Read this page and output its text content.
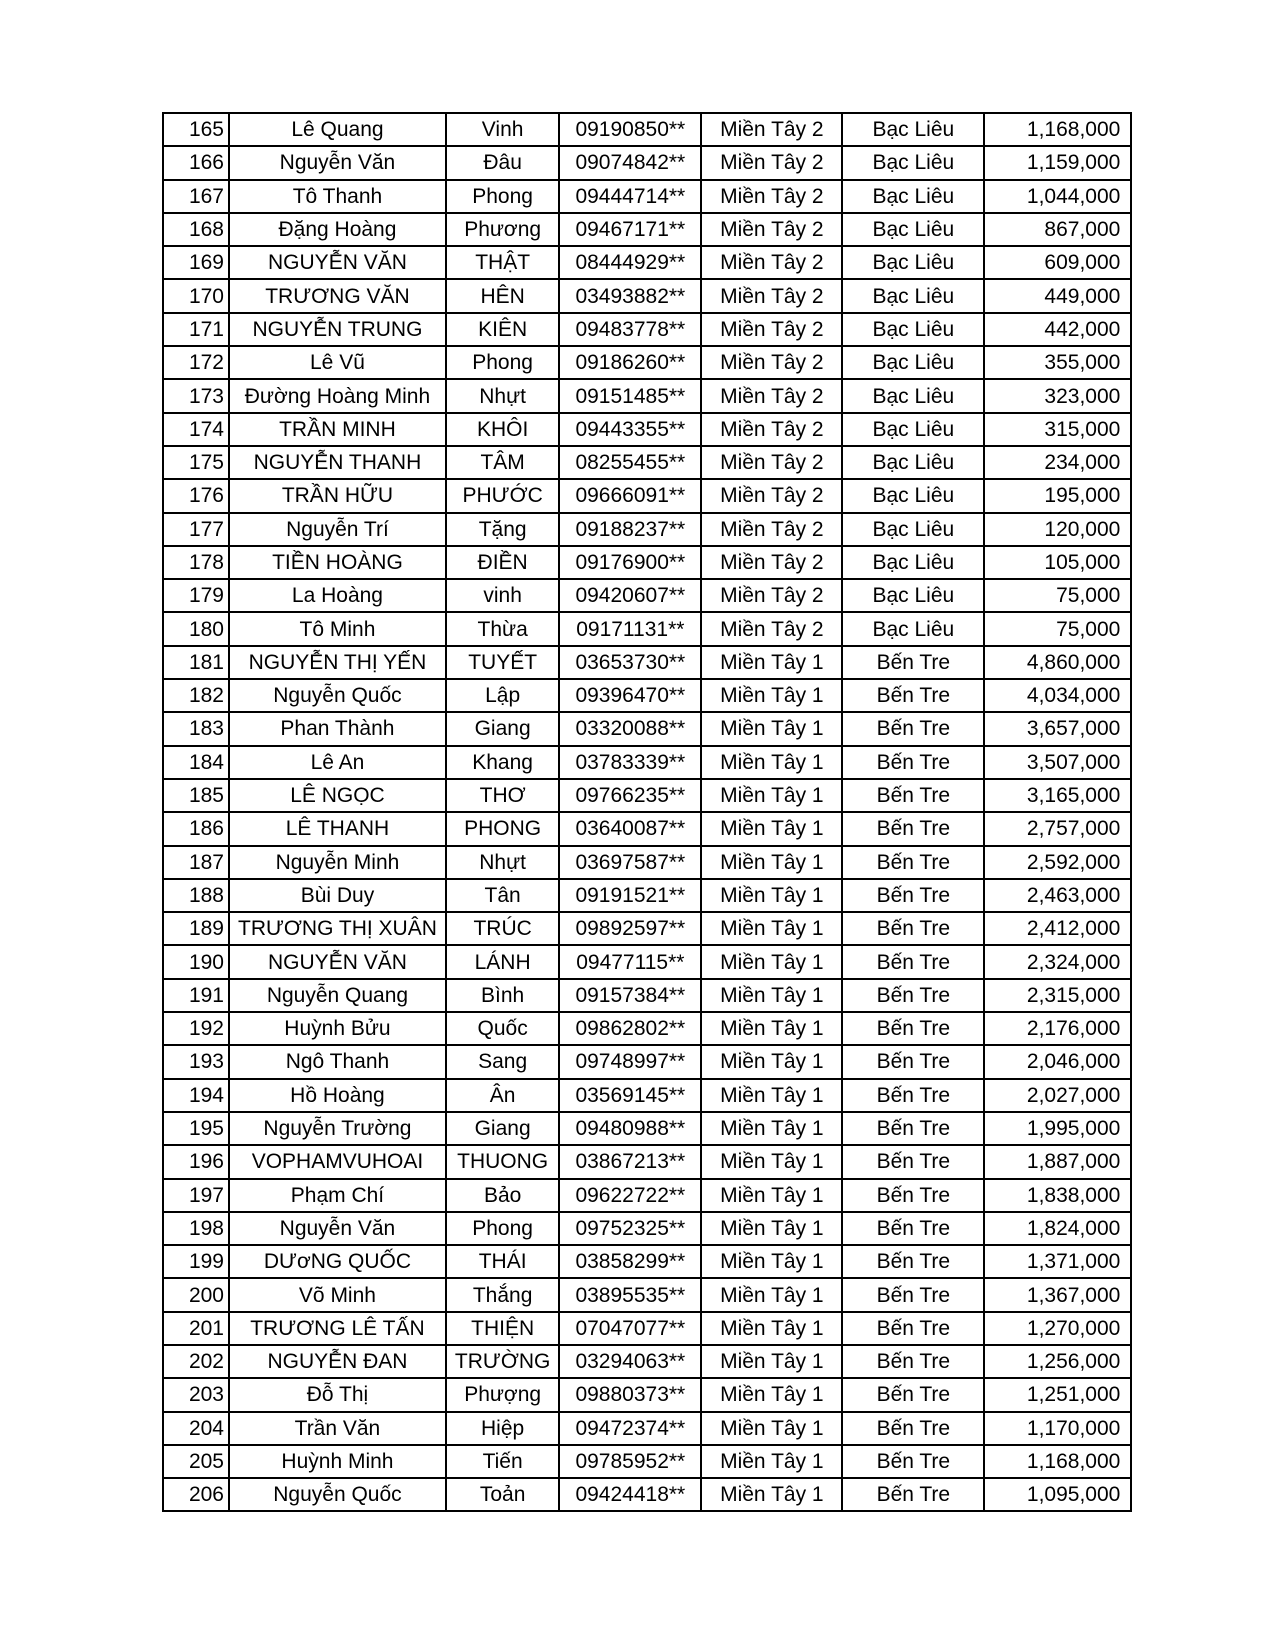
165	Lê Quang	Vinh	09190850**	Miền Tây 2	Bạc Liêu	1,168,000
166	Nguyễn Văn	Đâu	09074842**	Miền Tây 2	Bạc Liêu	1,159,000
167	Tô Thanh	Phong	09444714**	Miền Tây 2	Bạc Liêu	1,044,000
168	Đặng Hoàng	Phương	09467171**	Miền Tây 2	Bạc Liêu	867,000
169	NGUYỄN VĂN	THẬT	08444929**	Miền Tây 2	Bạc Liêu	609,000
170	TRƯƠNG VĂN	HÊN	03493882**	Miền Tây 2	Bạc Liêu	449,000
171	NGUYỄN TRUNG	KIÊN	09483778**	Miền Tây 2	Bạc Liêu	442,000
172	Lê Vũ	Phong	09186260**	Miền Tây 2	Bạc Liêu	355,000
173	Đường Hoàng Minh	Nhựt	09151485**	Miền Tây 2	Bạc Liêu	323,000
174	TRẦN MINH	KHÔI	09443355**	Miền Tây 2	Bạc Liêu	315,000
175	NGUYỄN THANH	TÂM	08255455**	Miền Tây 2	Bạc Liêu	234,000
176	TRẦN HỮU	PHƯỚC	09666091**	Miền Tây 2	Bạc Liêu	195,000
177	Nguyễn Trí	Tặng	09188237**	Miền Tây 2	Bạc Liêu	120,000
178	TIỀN HOÀNG	ĐIỀN	09176900**	Miền Tây 2	Bạc Liêu	105,000
179	La Hoàng	vinh	09420607**	Miền Tây 2	Bạc Liêu	75,000
180	Tô Minh	Thừa	09171131**	Miền Tây 2	Bạc Liêu	75,000
181	NGUYỄN THỊ YẾN	TUYẾT	03653730**	Miền Tây 1	Bến Tre	4,860,000
182	Nguyễn Quốc	Lập	09396470**	Miền Tây 1	Bến Tre	4,034,000
183	Phan Thành	Giang	03320088**	Miền Tây 1	Bến Tre	3,657,000
184	Lê An	Khang	03783339**	Miền Tây 1	Bến Tre	3,507,000
185	LÊ NGỌC	THƠ	09766235**	Miền Tây 1	Bến Tre	3,165,000
186	LÊ THANH	PHONG	03640087**	Miền Tây 1	Bến Tre	2,757,000
187	Nguyễn Minh	Nhựt	03697587**	Miền Tây 1	Bến Tre	2,592,000
188	Bùi Duy	Tân	09191521**	Miền Tây 1	Bến Tre	2,463,000
189	TRƯƠNG THỊ XUÂN	TRÚC	09892597**	Miền Tây 1	Bến Tre	2,412,000
190	NGUYỄN VĂN	LÁNH	09477115**	Miền Tây 1	Bến Tre	2,324,000
191	Nguyễn Quang	Bình	09157384**	Miền Tây 1	Bến Tre	2,315,000
192	Huỳnh Bửu	Quốc	09862802**	Miền Tây 1	Bến Tre	2,176,000
193	Ngô Thanh	Sang	09748997**	Miền Tây 1	Bến Tre	2,046,000
194	Hồ Hoàng	Ân	03569145**	Miền Tây 1	Bến Tre	2,027,000
195	Nguyễn Trường	Giang	09480988**	Miền Tây 1	Bến Tre	1,995,000
196	VOPHAMVUHOAI	THUONG	03867213**	Miền Tây 1	Bến Tre	1,887,000
197	Phạm Chí	Bảo	09622722**	Miền Tây 1	Bến Tre	1,838,000
198	Nguyễn Văn	Phong	09752325**	Miền Tây 1	Bến Tre	1,824,000
199	DƯơNG QUỐC	THÁI	03858299**	Miền Tây 1	Bến Tre	1,371,000
200	Võ Minh	Thắng	03895535**	Miền Tây 1	Bến Tre	1,367,000
201	TRƯƠNG LÊ TẤN	THIỆN	07047077**	Miền Tây 1	Bến Tre	1,270,000
202	NGUYỄN ĐAN	TRƯỜNG	03294063**	Miền Tây 1	Bến Tre	1,256,000
203	Đỗ Thị	Phượng	09880373**	Miền Tây 1	Bến Tre	1,251,000
204	Trần Văn	Hiệp	09472374**	Miền Tây 1	Bến Tre	1,170,000
205	Huỳnh Minh	Tiến	09785952**	Miền Tây 1	Bến Tre	1,168,000
206	Nguyễn Quốc	Toản	09424418**	Miền Tây 1	Bến Tre	1,095,000
